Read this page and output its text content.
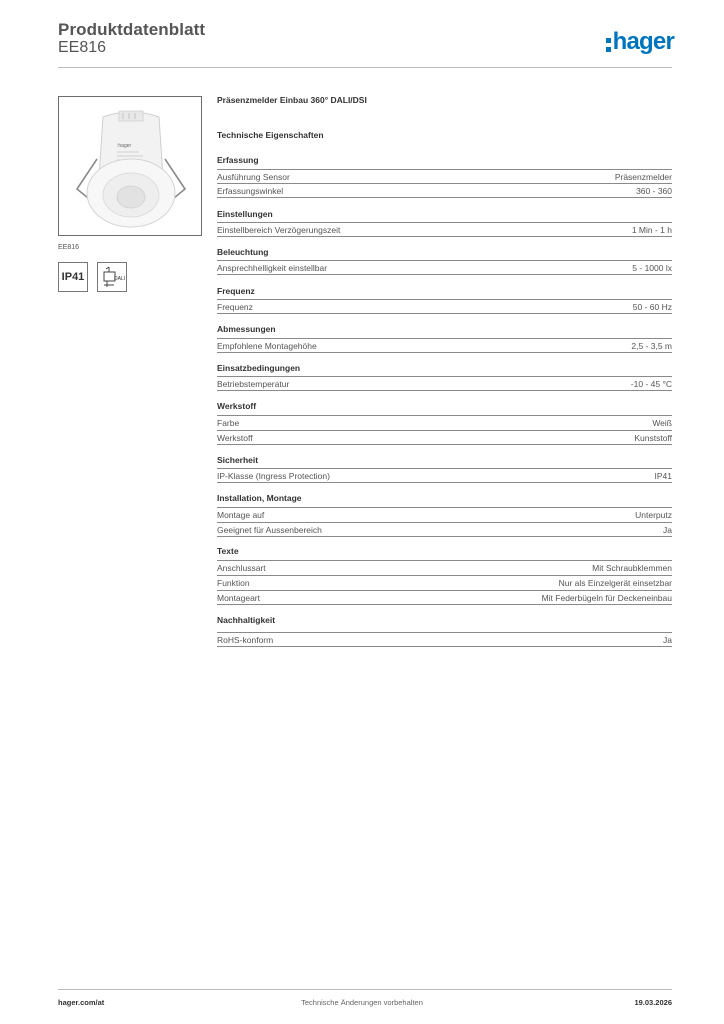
Produktdatenblatt
EE816	hager
:hager
EE816
IP41	DALI
Präsenzmelder Einbau 360° DALI/DSI
Technische Eigenschaften
Erfassung
Ausführung Sensor	Präsenzmelder
Erfassungswinkel	360 - 360
Einstellungen
Einstellbereich Verzögerungszeit	1 Min - 1 h
Beleuchtung
Ansprechhelligkeit einstellbar	5 - 1000 lx
Frequenz
Frequenz	50 - 60 Hz
Abmessungen
Empfohlene Montagehöhe	2,5 - 3,5 m
Einsatzbedingungen
Betriebstemperatur	-10 - 45 °C
Werkstoff
Farbe	Weiß
Werkstoff	Kunststoff
Sicherheit
IP-Klasse (Ingress Protection)	IP41
Installation, Montage
Montage auf	Unterputz
Geeignet für Aussenbereich	Ja
Texte
Anschlussart	Mit Schraubklemmen
Funktion	Nur als Einzelgerät einsetzbar
Montageart	Mit Federbügeln für Deckeneinbau
Nachhaltigkeit
RoHS-konform	Ja
hager.com/at	Technische Änderungen vorbehalten	19.03.2026
